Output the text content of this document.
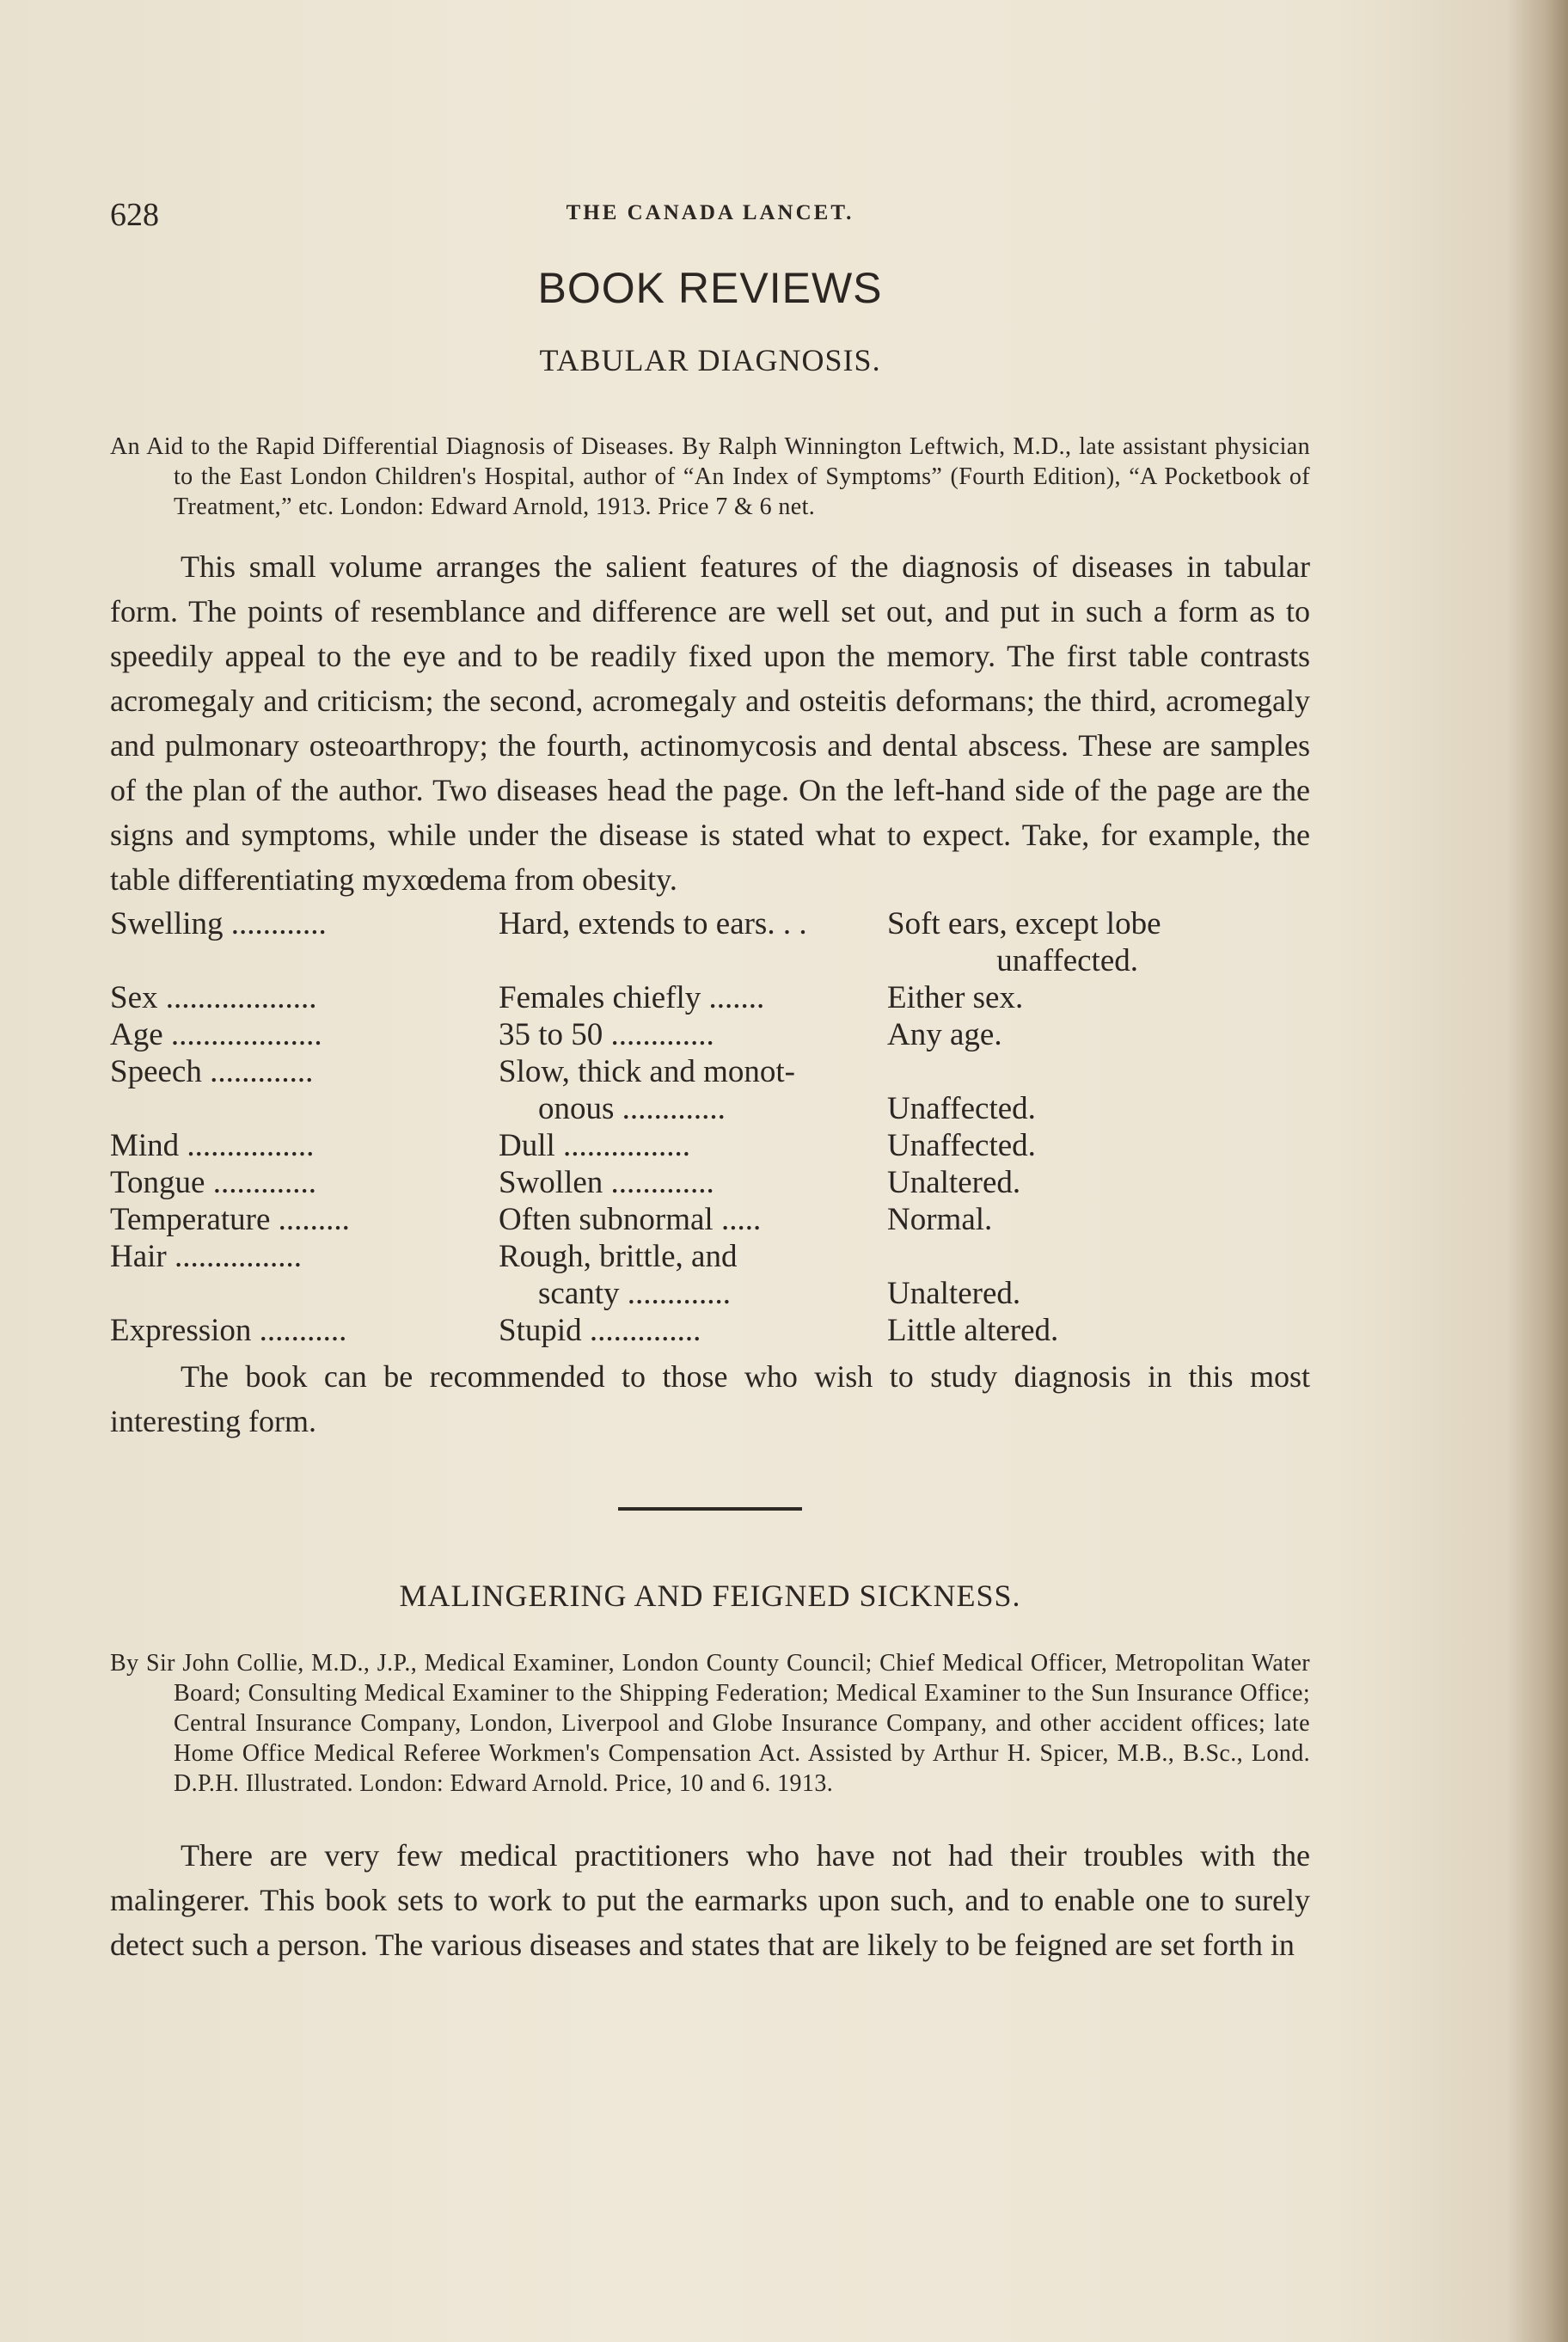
628	THE CANADA LANCET.
BOOK REVIEWS
TABULAR DIAGNOSIS.

An Aid to the Rapid Differential Diagnosis of Diseases. By Ralph Winnington Leftwich, M.D., late assistant physician to the East London Children's Hospital, author of “An Index of Symptoms” (Fourth Edition), “A Pocketbook of Treatment,” etc. London: Edward Arnold, 1913. Price 7 & 6 net.

This small volume arranges the salient features of the diagnosis of diseases in tabular form. The points of resemblance and difference are well set out, and put in such a form as to speedily appeal to the eye and to be readily fixed upon the memory. The first table contrasts acromegaly and criticism; the second, acromegaly and osteitis deformans; the third, acromegaly and pulmonary osteoarthropy; the fourth, actinomycosis and dental abscess. These are samples of the plan of the author. Two diseases head the page. On the left-hand side of the page are the signs and symptoms, while under the disease is stated what to expect. Take, for example, the table differentiating myxœdema from obesity.

Swelling ............	Hard, extends to ears. . .	Soft ears, except lobe
	unaffected.	
Sex ...................	Females chiefly .......	Either sex.
Age ...................	35 to 50 .............	Any age.
Speech .............	Slow, thick and monot-	
	onous .............	Unaffected.
Mind ................	Dull ................	Unaffected.
Tongue .............	Swollen .............	Unaltered.
Temperature .........	Often subnormal .....	Normal.
Hair ................	Rough, brittle, and	
	scanty .............	Unaltered.
Expression ...........	Stupid ..............	Little altered.

The book can be recommended to those who wish to study diagnosis in this most interesting form.

MALINGERING AND FEIGNED SICKNESS.

By Sir John Collie, M.D., J.P., Medical Examiner, London County Council; Chief Medical Officer, Metropolitan Water Board; Consulting Medical Examiner to the Shipping Federation; Medical Examiner to the Sun Insurance Office; Central Insurance Company, London, Liverpool and Globe Insurance Company, and other accident offices; late Home Office Medical Referee Workmen's Compensation Act. Assisted by Arthur H. Spicer, M.B., B.Sc., Lond. D.P.H. Illustrated. London: Edward Arnold. Price, 10 and 6. 1913.

There are very few medical practitioners who have not had their troubles with the malingerer. This book sets to work to put the earmarks upon such, and to enable one to surely detect such a person. The various diseases and states that are likely to be feigned are set forth in
